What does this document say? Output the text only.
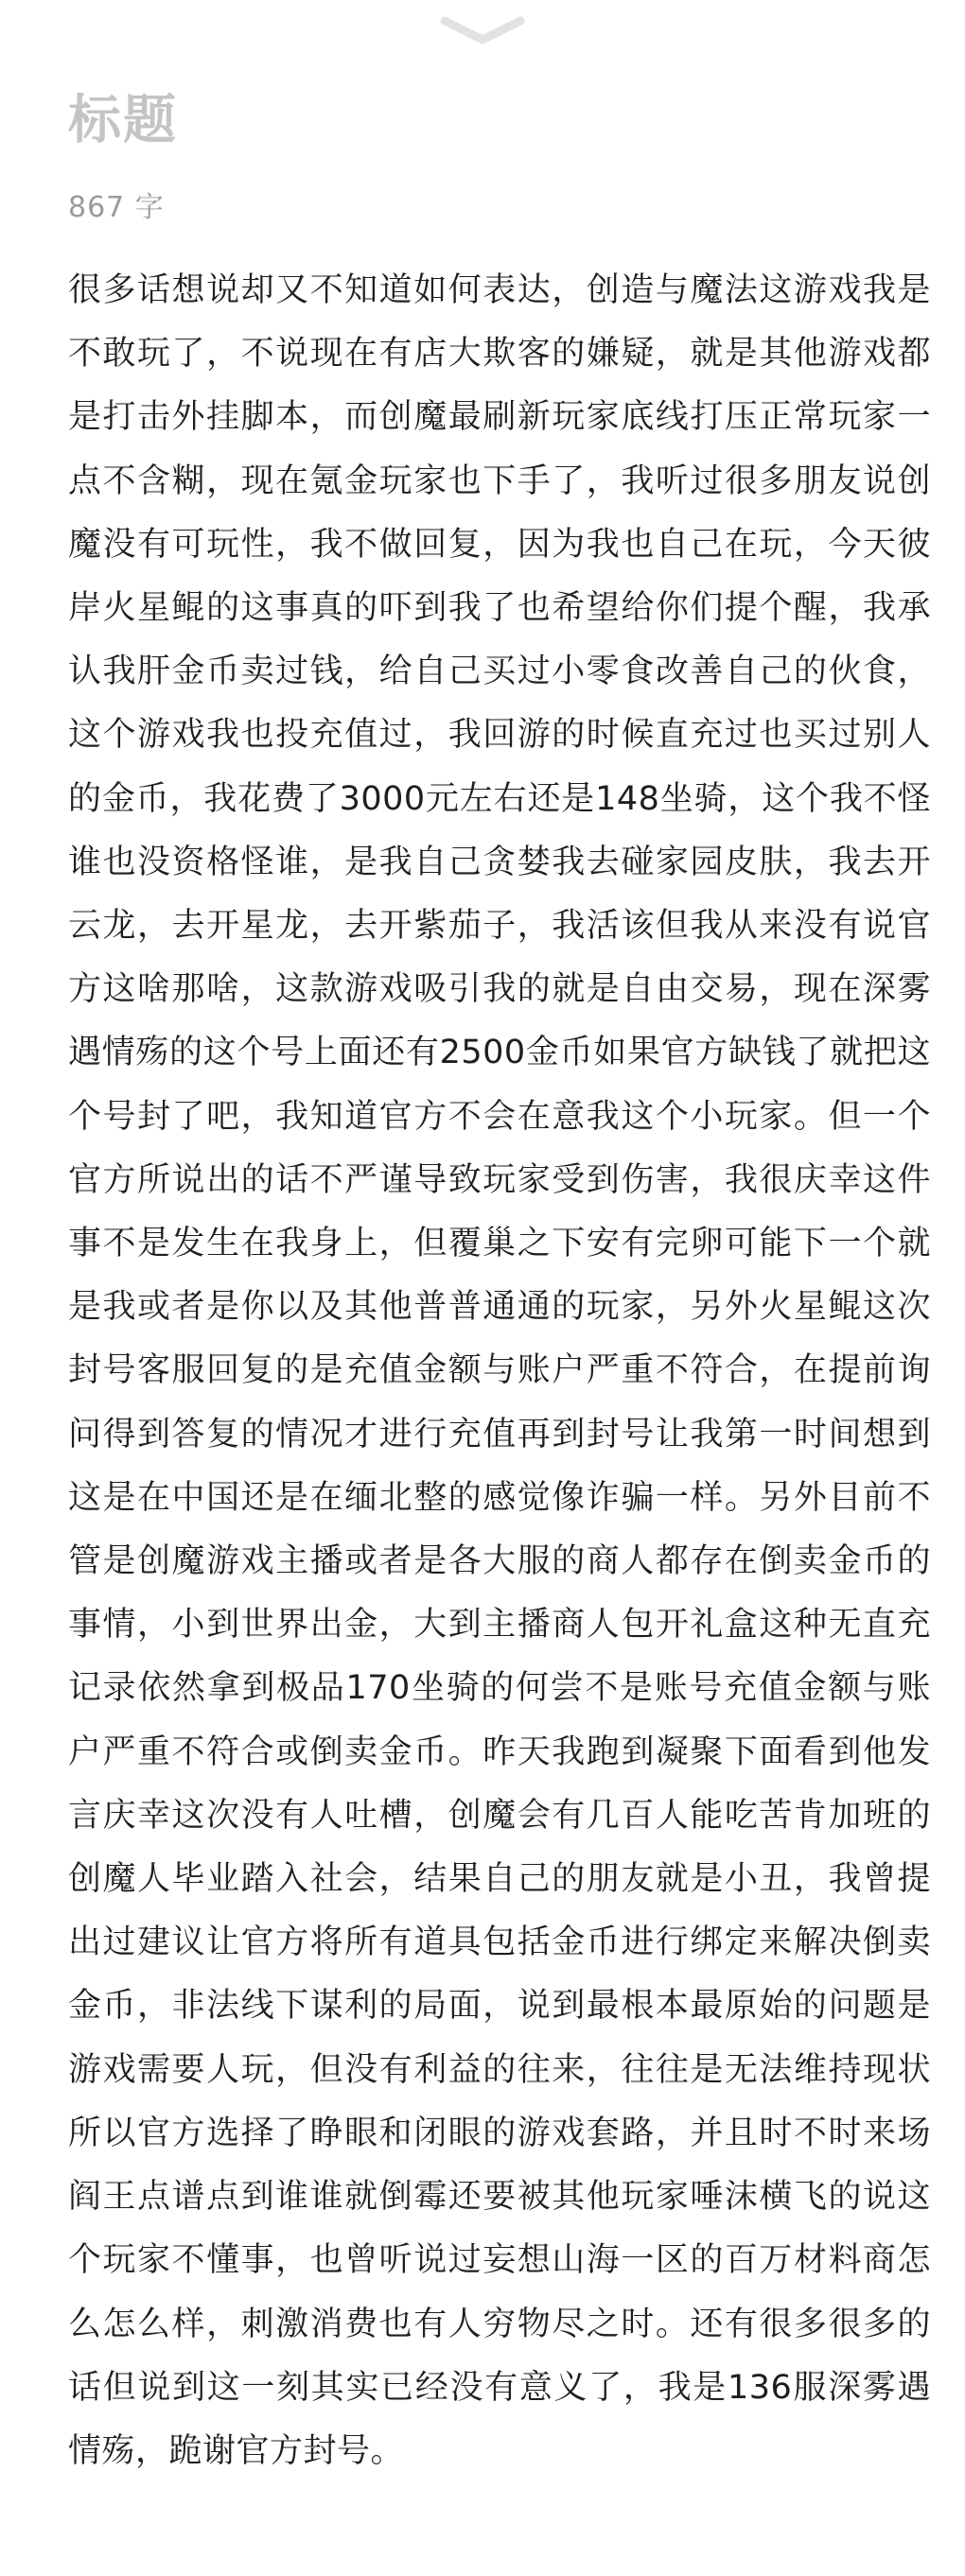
标题
867 字

很多话想说却又不知道如何表达，创造与魔法这游戏我是不敢玩了，不说现在有店大欺客的嫌疑，就是其他游戏都是打击外挂脚本，而创魔最刷新玩家底线打压正常玩家一点不含糊，现在氪金玩家也下手了，我听过很多朋友说创魔没有可玩性，我不做回复，因为我也自己在玩，今天彼岸火星鲲的这事真的吓到我了也希望给你们提个醒，我承认我肝金币卖过钱，给自己买过小零食改善自己的伙食，这个游戏我也投充值过，我回游的时候直充过也买过别人的金币，我花费了3000元左右还是148坐骑，这个我不怪谁也没资格怪谁，是我自己贪婪我去碰家园皮肤，我去开云龙，去开星龙，去开紫茄子，我活该但我从来没有说官方这啥那啥，这款游戏吸引我的就是自由交易，现在深雾遇情殇的这个号上面还有2500金币如果官方缺钱了就把这个号封了吧，我知道官方不会在意我这个小玩家。但一个官方所说出的话不严谨导致玩家受到伤害，我很庆幸这件事不是发生在我身上，但覆巢之下安有完卵可能下一个就是我或者是你以及其他普普通通的玩家，另外火星鲲这次封号客服回复的是充值金额与账户严重不符合，在提前询问得到答复的情况才进行充值再到封号让我第一时间想到这是在中国还是在缅北整的感觉像诈骗一样。另外目前不管是创魔游戏主播或者是各大服的商人都存在倒卖金币的事情，小到世界出金，大到主播商人包开礼盒这种无直充记录依然拿到极品170坐骑的何尝不是账号充值金额与账户严重不符合或倒卖金币。昨天我跑到凝聚下面看到他发言庆幸这次没有人吐槽，创魔会有几百人能吃苦肯加班的创魔人毕业踏入社会，结果自己的朋友就是小丑，我曾提出过建议让官方将所有道具包括金币进行绑定来解决倒卖金币，非法线下谋利的局面，说到最根本最原始的问题是游戏需要人玩，但没有利益的往来，往往是无法维持现状所以官方选择了睁眼和闭眼的游戏套路，并且时不时来场阎王点谱点到谁谁就倒霉还要被其他玩家唾沫横飞的说这个玩家不懂事，也曾听说过妄想山海一区的百万材料商怎么怎么样，刺激消费也有人穷物尽之时。还有很多很多的话但说到这一刻其实已经没有意义了，我是136服深雾遇情殇，跪谢官方封号。
